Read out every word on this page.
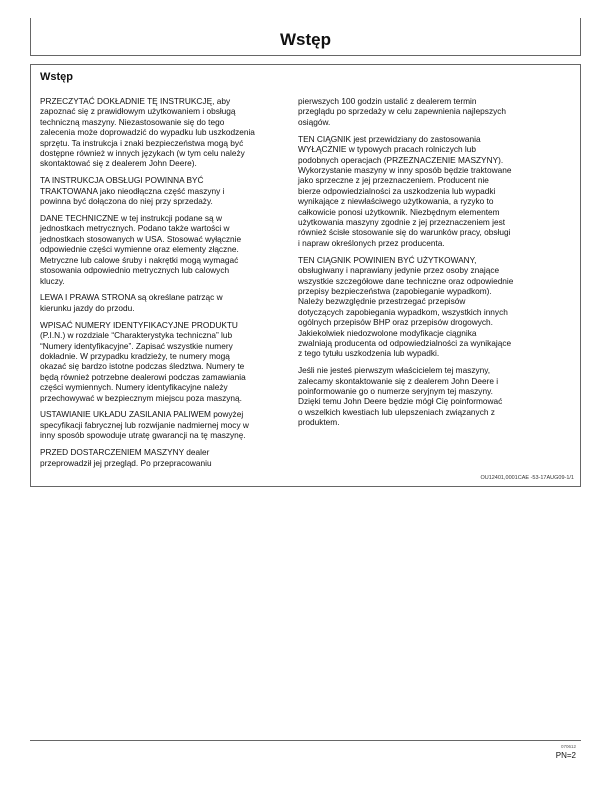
Wstęp
Wstęp

PRZECZYTAĆ DOKŁADNIE TĘ INSTRUKCJĘ, aby
zapoznać się z prawidłowym użytkowaniem i obsługą
techniczną maszyny. Niezastosowanie się do tego
zalecenia może doprowadzić do wypadku lub uszkodzenia
sprzętu. Ta instrukcja i znaki bezpieczeństwa mogą być
dostępne również w innych językach (w tym celu należy
skontaktować się z dealerem John Deere).

TA INSTRUKCJA OBSŁUGI POWINNA BYĆ
TRAKTOWANA jako nieodłączna część maszyny i
powinna być dołączona do niej przy sprzedaży.

DANE TECHNICZNE w tej instrukcji podane są w
jednostkach metrycznych. Podano także wartości w
jednostkach stosowanych w USA. Stosować wyłącznie
odpowiednie części wymienne oraz elementy złączne.
Metryczne lub calowe śruby i nakrętki mogą wymagać
stosowania odpowiednio metrycznych lub calowych
kluczy.

LEWA I PRAWA STRONA są określane patrząc w
kierunku jazdy do przodu.

WPISAĆ NUMERY IDENTYFIKACYJNE PRODUKTU
(P.I.N.) w rozdziale “Charakterystyka techniczna” lub
“Numery identyfikacyjne”. Zapisać wszystkie numery
dokładnie. W przypadku kradzieży, te numery mogą
okazać się bardzo istotne podczas śledztwa. Numery te
będą również potrzebne dealerowi podczas zamawiania
części wymiennych. Numery identyfikacyjne należy
przechowywać w bezpiecznym miejscu poza maszyną.

USTAWIANIE UKŁADU ZASILANIA PALIWEM powyżej
specyfikacji fabrycznej lub rozwijanie nadmiernej mocy w
inny sposób spowoduje utratę gwarancji na tę maszynę.

PRZED DOSTARCZENIEM MASZYNY dealer
przeprowadził jej przegląd. Po przepracowaniu

pierwszych 100 godzin ustalić z dealerem termin
przeglądu po sprzedaży w celu zapewnienia najlepszych
osiągów.

TEN CIĄGNIK jest przewidziany do zastosowania
WYŁĄCZNIE w typowych pracach rolniczych lub
podobnych operacjach (PRZEZNACZENIE MASZYNY).
Wykorzystanie maszyny w inny sposób będzie traktowane
jako sprzeczne z jej przeznaczeniem. Producent nie
bierze odpowiedzialności za uszkodzenia lub wypadki
wynikające z niewłaściwego użytkowania, a ryzyko to
całkowicie ponosi użytkownik. Niezbędnym elementem
użytkowania maszyny zgodnie z jej przeznaczeniem jest
również ścisłe stosowanie się do warunków pracy, obsługi
i napraw określonych przez producenta.

TEN CIĄGNIK POWINIEN BYĆ UŻYTKOWANY,
obsługiwany i naprawiany jedynie przez osoby znające
wszystkie szczegółowe dane techniczne oraz odpowiednie
przepisy bezpieczeństwa (zapobieganie wypadkom).
Należy bezwzględnie przestrzegać przepisów
dotyczących zapobiegania wypadkom, wszystkich innych
ogólnych przepisów BHP oraz przepisów drogowych.
Jakiekolwiek niedozwolone modyfikacje ciągnika
zwalniają producenta od odpowiedzialności za wynikające
z tego tytułu uszkodzenia lub wypadki.

Jeśli nie jesteś pierwszym właścicielem tej maszyny,
zalecamy skontaktowanie się z dealerem John Deere i
poinformowanie go o numerze seryjnym tej maszyny.
Dzięki temu John Deere będzie mógł Cię poinformować
o wszelkich kwestiach lub ulepszeniach związanych z
produktem.

OU12401,0001CAE -53-17AUG09-1/1
070612
PN=2
